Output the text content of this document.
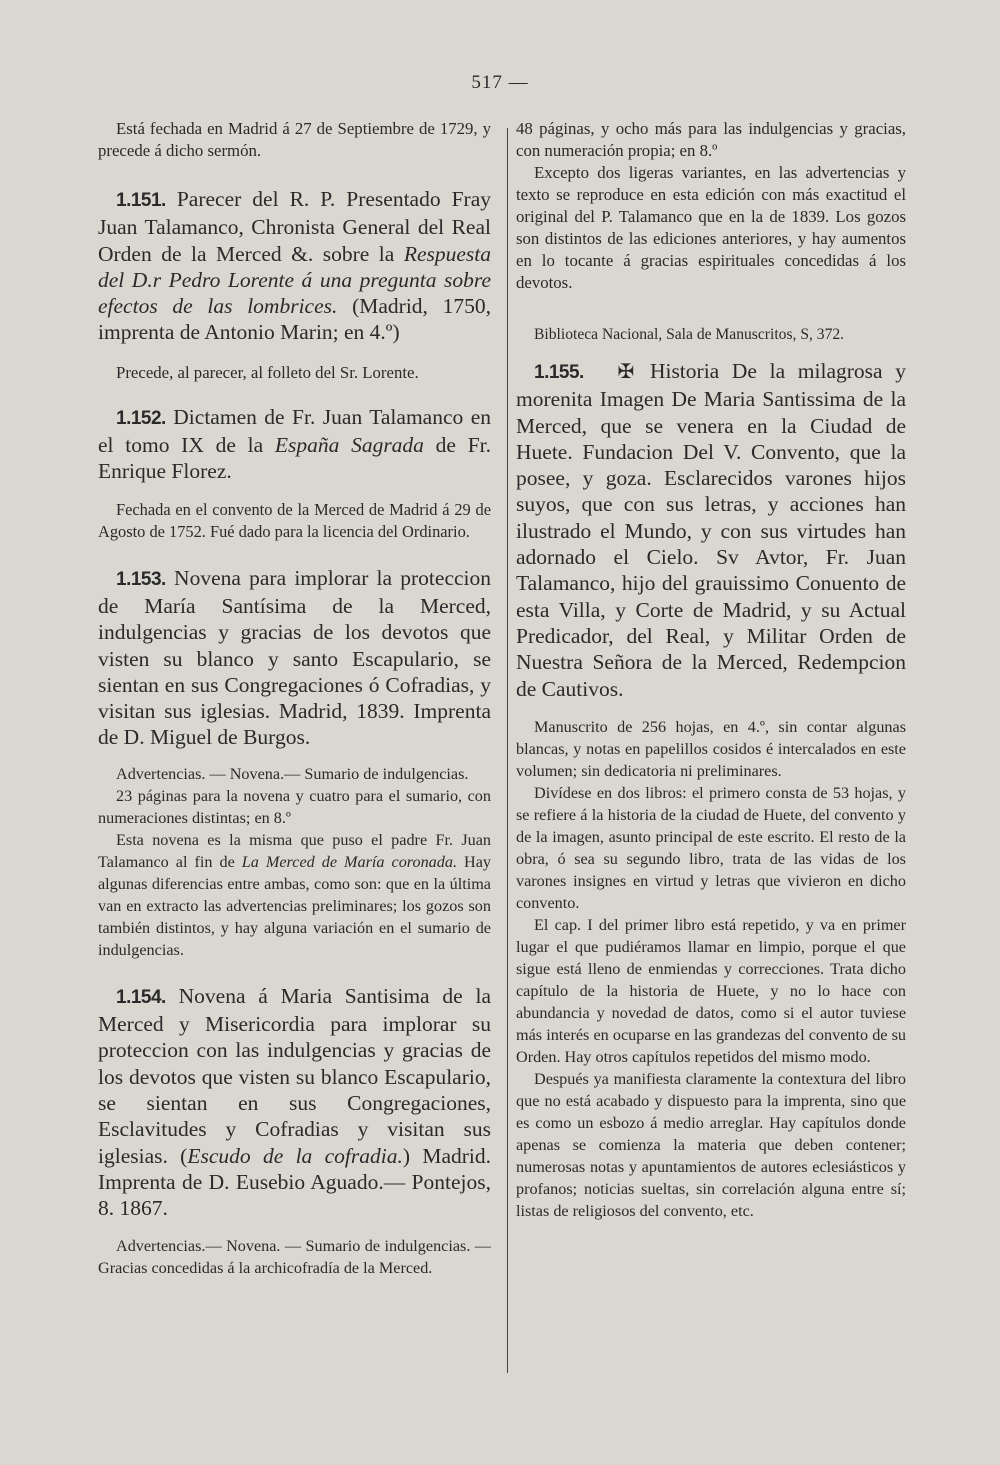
517 —

Está fechada en Madrid á 27 de Septiembre de 1729, y precede á dicho sermón.

1.151. Parecer del R. P. Presentado Fray Juan Talamanco, Chronista General del Real Orden de la Merced &. sobre la Respuesta del D.r Pedro Lorente á una pregunta sobre efectos de las lombrices. (Madrid, 1750, imprenta de Antonio Marin; en 4.º)

Precede, al parecer, al folleto del Sr. Lorente.

1.152. Dictamen de Fr. Juan Talamanco en el tomo IX de la España Sagrada de Fr. Enrique Florez.

Fechada en el convento de la Merced de Madrid á 29 de Agosto de 1752. Fué dado para la licencia del Ordinario.

1.153. Novena para implorar la proteccion de María Santísima de la Merced, indulgencias y gracias de los devotos que visten su blanco y santo Escapulario, se sientan en sus Congregaciones ó Cofradias, y visitan sus iglesias. Madrid, 1839. Imprenta de D. Miguel de Burgos.

Advertencias. — Novena.— Sumario de indulgencias.

23 páginas para la novena y cuatro para el sumario, con numeraciones distintas; en 8.º

Esta novena es la misma que puso el padre Fr. Juan Talamanco al fin de La Merced de María coronada. Hay algunas diferencias entre ambas, como son: que en la última van en extracto las advertencias preliminares; los gozos son también distintos, y hay alguna variación en el sumario de indulgencias.

1.154. Novena á Maria Santisima de la Merced y Misericordia para implorar su proteccion con las indulgencias y gracias de los devotos que visten su blanco Escapulario, se sientan en sus Congregaciones, Esclavitudes y Cofradias y visitan sus iglesias. (Escudo de la cofradia.) Madrid. Imprenta de D. Eusebio Aguado.— Pontejos, 8. 1867.

Advertencias.— Novena. — Sumario de indulgencias. — Gracias concedidas á la archicofradía de la Merced.

48 páginas, y ocho más para las indulgencias y gracias, con numeración propia; en 8.º

Excepto dos ligeras variantes, en las advertencias y texto se reproduce en esta edición con más exactitud el original del P. Talamanco que en la de 1839. Los gozos son distintos de las ediciones anteriores, y hay aumentos en lo tocante á gracias espirituales concedidas á los devotos.

Biblioteca Nacional, Sala de Manuscritos, S, 372.

1.155. ✠ Historia De la milagrosa y morenita Imagen De Maria Santissima de la Merced, que se venera en la Ciudad de Huete. Fundacion Del V. Convento, que la posee, y goza. Esclarecidos varones hijos suyos, que con sus letras, y acciones han ilustrado el Mundo, y con sus virtudes han adornado el Cielo. Sv Avtor, Fr. Juan Talamanco, hijo del grauissimo Conuento de esta Villa, y Corte de Madrid, y su Actual Predicador, del Real, y Militar Orden de Nuestra Señora de la Merced, Redempcion de Cautivos.

Manuscrito de 256 hojas, en 4.º, sin contar algunas blancas, y notas en papelillos cosidos é intercalados en este volumen; sin dedicatoria ni preliminares.

Divídese en dos libros: el primero consta de 53 hojas, y se refiere á la historia de la ciudad de Huete, del convento y de la imagen, asunto principal de este escrito. El resto de la obra, ó sea su segundo libro, trata de las vidas de los varones insignes en virtud y letras que vivieron en dicho convento.

El cap. I del primer libro está repetido, y va en primer lugar el que pudiéramos llamar en limpio, porque el que sigue está lleno de enmiendas y correcciones. Trata dicho capítulo de la historia de Huete, y no lo hace con abundancia y novedad de datos, como si el autor tuviese más interés en ocuparse en las grandezas del convento de su Orden. Hay otros capítulos repetidos del mismo modo.

Después ya manifiesta claramente la contextura del libro que no está acabado y dispuesto para la imprenta, sino que es como un esbozo á medio arreglar. Hay capítulos donde apenas se comienza la materia que deben contener; numerosas notas y apuntamientos de autores eclesiásticos y profanos; noticias sueltas, sin correlación alguna entre sí; listas de religiosos del convento, etc.
